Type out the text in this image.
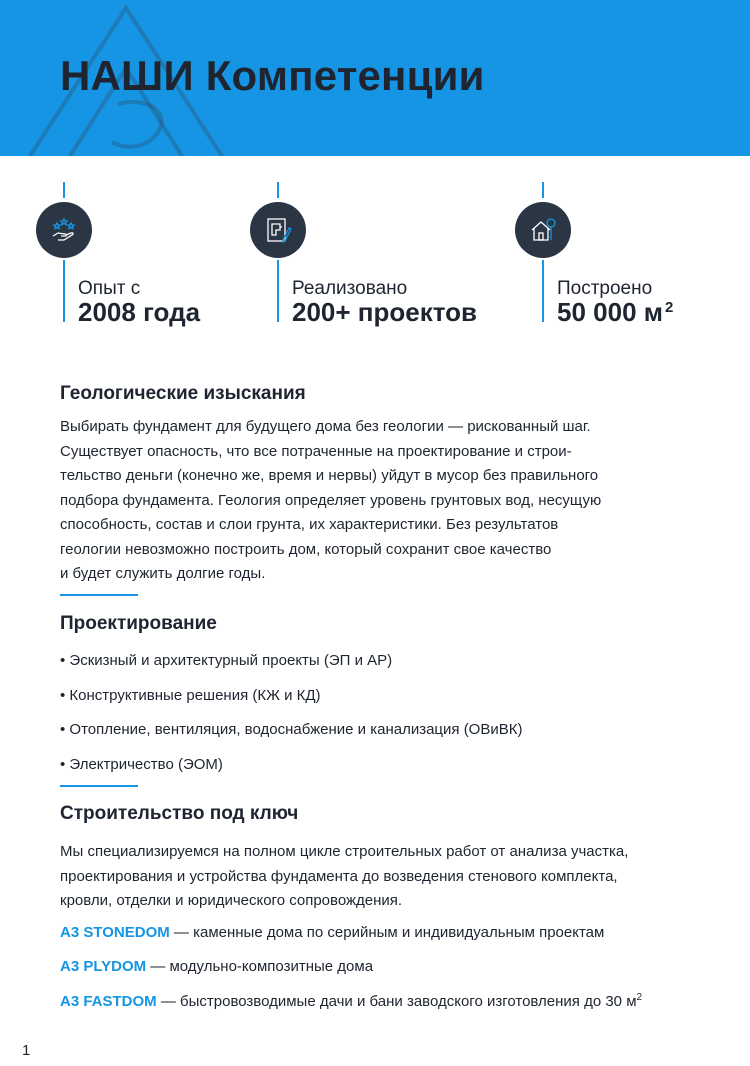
НАШИ Компетенции
Опыт с
2008 года
Реализовано
200+ проектов
Построено
50 000 м $^2$
Геологические изыскания
Выбирать фундамент для будущего дома без геологии — рискованный шаг.
Существует опасность, что все потраченные на проектирование и строи-
тельство деньги (конечно же, время и нервы) уйдут в мусор без правильного
подбора фундамента. Геология определяет уровень грунтовых вод, несущую
способность, состав и слои грунта, их характеристики. Без результатов
геологии невозможно построить дом, который сохранит свое качество
и будет служить долгие годы.
Проектирование
• Эскизный и архитектурный проекты (ЭП и АР)
• Конструктивные решения (КЖ и КД)
• Отопление, вентиляция, водоснабжение и канализация (ОВиВК)
• Электричество (ЭОМ)
Строительство под ключ
Мы специализируемся на полном цикле строительных работ от анализа участка,
проектирования и устройства фундамента до возведения стенового комплекта,
кровли, отделки и юридического сопровождения.
A3 STONEDOM — каменные дома по серийным и индивидуальным проектам
A3 PLYDOM — модульно-композитные дома
A3 FASTDOM — быстровозводимые дачи и бани заводского изготовления до 30 $м^2$
1
